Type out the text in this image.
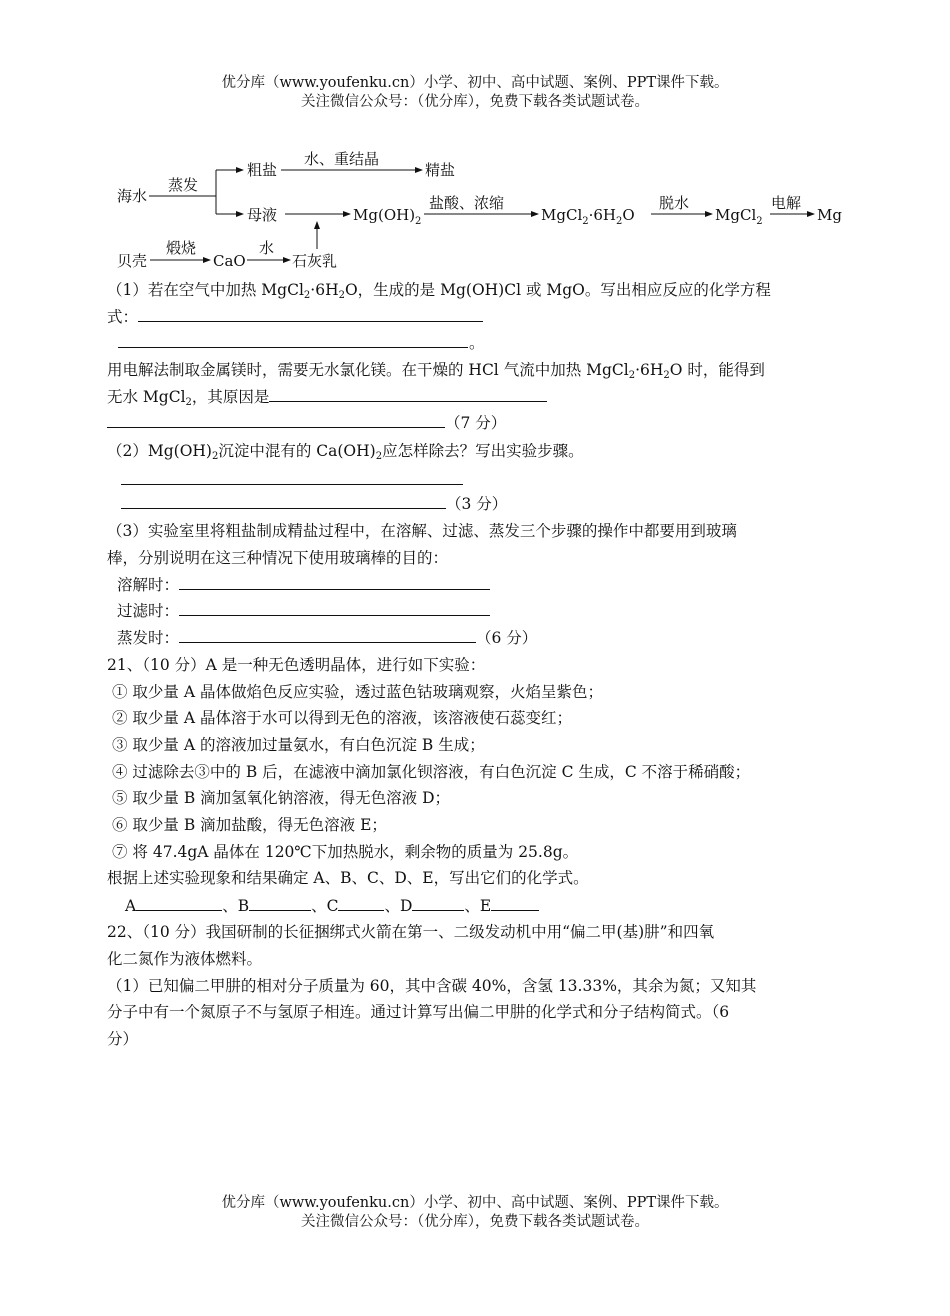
优分库（www.youfenku.cn）小学、初中、高中试题、案例、PPT课件下载。
关注微信公众号：（优分库），免费下载各类试题试卷。
海水
蒸发
粗盐
水、重结晶
精盐
母液	$Mg(OH)_2$
盐酸、浓缩
$MgCl_2\cdot 6H_2O$
脱水
MgCl$_2$
电解
Mg
贝壳
煅烧
CaO
水
石灰乳
（1）若在空气中加热 $MgCl_2\cdot 6H_2O$，生成的是 Mg(OH)Cl 或 MgO。写出相应反应的化学方程
式：
。
用电解法制取金属镁时，需要无水氯化镁。在干燥的 HCl 气流中加热 $MgCl_2\cdot 6H_2O$ 时，能得到
无水 MgCl$_2$，其原因是
（7 分）
$(2)Mg(OH)_2$沉淀中混有的 $Ca(OH)_2$应怎样除去？写出实验步骤。
（3 分）
（3）实验室里将粗盐制成精盐过程中，在溶解、过滤、蒸发三个步骤的操作中都要用到玻璃
棒，分别说明在这三种情况下使用玻璃棒的目的：
溶解时：
过滤时：
蒸发时：	（6 分）
21、（10 分）A 是一种无色透明晶体，进行如下实验：
① 取少量 A 晶体做焰色反应实验，透过蓝色钴玻璃观察，火焰呈紫色；
② 取少量 A 晶体溶于水可以得到无色的溶液，该溶液使石蕊变红；
③ 取少量 A 的溶液加过量氨水，有白色沉淀 B 生成；
④ 过滤除去③中的 B 后，在滤液中滴加氯化钡溶液，有白色沉淀 C 生成，C 不溶于稀硝酸；
⑤ 取少量 B 滴加氢氧化钠溶液，得无色溶液 D；
⑥ 取少量 B 滴加盐酸，得无色溶液 E；
⑦ 将 47.4gA 晶体在 120℃下加热脱水，剩余物的质量为 25.8g。
根据上述实验现象和结果确定 A、B、C、D、E，写出它们的化学式。
A	、B	、C	、D	、E
22、（10 分）我国研制的长征捆绑式火箭在第一、二级发动机中用“偏二甲(基)肼”和四氧
化二氮作为液体燃料。
（1）已知偏二甲肼的相对分子质量为 60，其中含碳 40%，含氢 13.33%，其余为氮；又知其
分子中有一个氮原子不与氢原子相连。通过计算写出偏二甲肼的化学式和分子结构简式。（6
分）
优分库（www.youfenku.cn）小学、初中、高中试题、案例、PPT课件下载。
关注微信公众号：（优分库），免费下载各类试题试卷。
